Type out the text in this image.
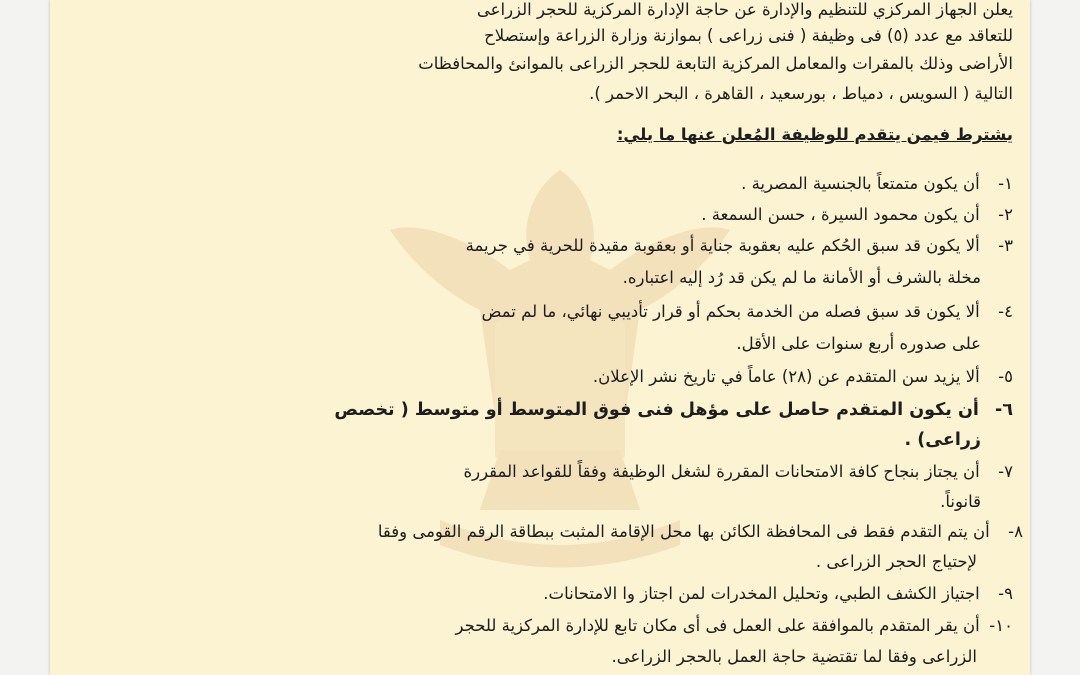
يعلن الجهاز المركزي للتنظيم والإدارة عن حاجة الإدارة المركزية للحجر الزراعى
للتعاقد مع عدد (٥) فى وظيفة ( فنى زراعى ) بموازنة وزارة الزراعة وإستصلاح
الأراضى وذلك بالمقرات والمعامل المركزية التابعة للحجر الزراعى بالموانئ والمحافظات
التالية ( السويس ، دمياط ، بورسعيد ، القاهرة ، البحر الاحمر ).
يشترط فيمن يتقدم للوظيفة المُعلن عنها ما يلي:
١- أن يكون متمتعاً بالجنسية المصرية .
٢- أن يكون محمود السيرة ، حسن السمعة .
٣- ألا يكون قد سبق الحُكم عليه بعقوبة جناية أو بعقوبة مقيدة للحرية في جريمة
مخلة بالشرف أو الأمانة ما لم يكن قد رُد إليه اعتباره.
٤- ألا يكون قد سبق فصله من الخدمة بحكم أو قرار تأديبي نهائي، ما لم تمض
على صدوره أربع سنوات على الأقل.
٥- ألا يزيد سن المتقدم عن (٢٨) عاماً في تاريخ نشر الإعلان.
٦- أن يكون المتقدم حاصل على مؤهل فنى فوق المتوسط أو متوسط ( تخصص
زراعى) .
٧- أن يجتاز بنجاح كافة الامتحانات المقررة لشغل الوظيفة وفقاً للقواعد المقررة
قانوناً.
٨- أن يتم التقدم فقط فى المحافظة الكائن بها محل الإقامة المثبت ببطاقة الرقم القومى وفقا
لإحتياج الحجر الزراعى .
٩- اجتياز الكشف الطبي، وتحليل المخدرات لمن اجتاز وا الامتحانات.
١٠- أن يقر المتقدم بالموافقة على العمل فى أى مكان تابع للإدارة المركزية للحجر
الزراعى وفقا لما تقتضية حاجة العمل بالحجر الزراعى.
